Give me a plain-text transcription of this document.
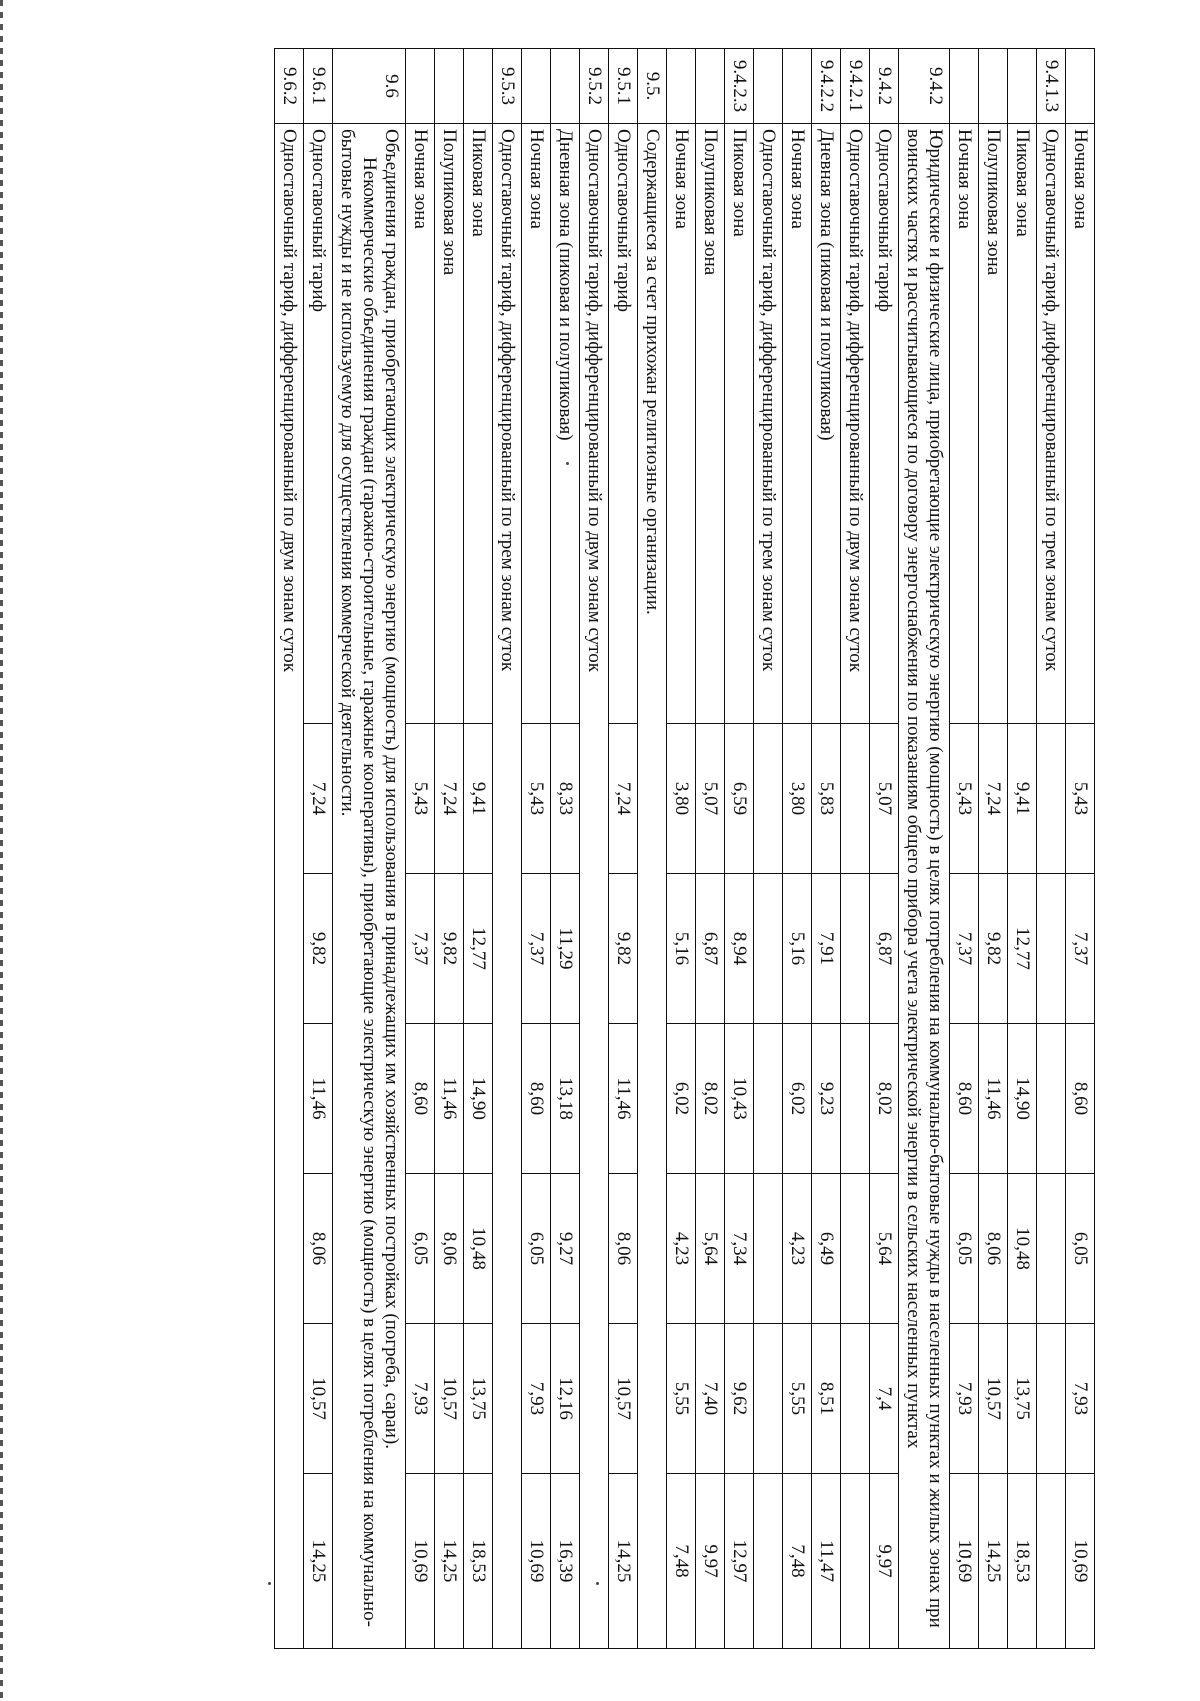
	Ночная зона	5,43	7,37	8,60	6,05	7,93	10,69
9.4.1.3	Одноставочный тариф, дифференцированный по трем зонам суток						
	Пиковая зона	9,41	12,77	14,90	10,48	13,75	18,53
	Полупиковая зона	7,24	9,82	11,46	8,06	10,57	14,25
	Ночная зона	5,43	7,37	8,60	6,05	7,93	10,69
9.4.2	Юридические и физические лица, приобретающие электрическую энергию (мощность) в целях потребления на коммунально-бытовые нужды в населенных пунктах и жилых зонах при воинских частях и рассчитывающиеся по договору энергоснабжения по показаниям общего прибора учета электрической энергии в сельских населенных пунктах						

9.4.2	Одноставочный тариф	5,07	6,87	8,02	5,64	7,4	9,97
9.4.2.1	Одноставочный тариф, дифференцированный по двум зонам суток						
9.4.2.2	Дневная зона (пиковая и полупиковая)	5,83	7,91	9,23	6,49	8,51	11,47
	Ночная зона	3,80	5,16	6,02	4,23	5,55	7,48
	Одноставочный тариф, дифференцированный по трем зонам суток						
9.4.2.3	Пиковая зона	6,59	8,94	10,43	7,34	9,62	12,97
	Полупиковая зона	5,07	6,87	8,02	5,64	7,40	9,97
	Ночная зона	3,80	5,16	6,02	4,23	5,55	7,48
9.5.	Содержащиеся за счет прихожан религиозные организации.						

9.5.1	Одноставочный тариф	7,24	9,82	11,46	8,06	10,57	14,25
9.5.2	Одноставочный тариф, дифференцированный по двум зонам суток						

	Дневная зона (пиковая и полупиковая)	8,33	11,29	13,18	9,27	12,16	16,39
	Ночная зона	5,43	7,37	8,60	6,05	7,93	10,69
9.5.3	Одноставочный тариф, дифференцированный по трем зонам суток						

	Пиковая зона	9,41	12,77	14,90	10,48	13,75	18,53
	Полупиковая зона	7,24	9,82	11,46	8,06	10,57	14,25
	Ночная зона	5,43	7,37	8,60	6,05	7,93	10,69
9.6	Объединения граждан, приобретающих электрическую энергию (мощность) для использования в принадлежащих им хозяйственных постройках (погреба, сараи).
Некоммерческие объединения граждан (гаражно-строительные, гаражные кооперативы), приобретающие электрическую энергию (мощность) в целях потребления на коммунально-бытовые нужды и не используемую для осуществления коммерческой деятельности.						

9.6.1	Одноставочный тариф	7,24	9,82	11,46	8,06	10,57	14,25
9.6.2	Одноставочный тариф, дифференцированный по двум зонам суток						
